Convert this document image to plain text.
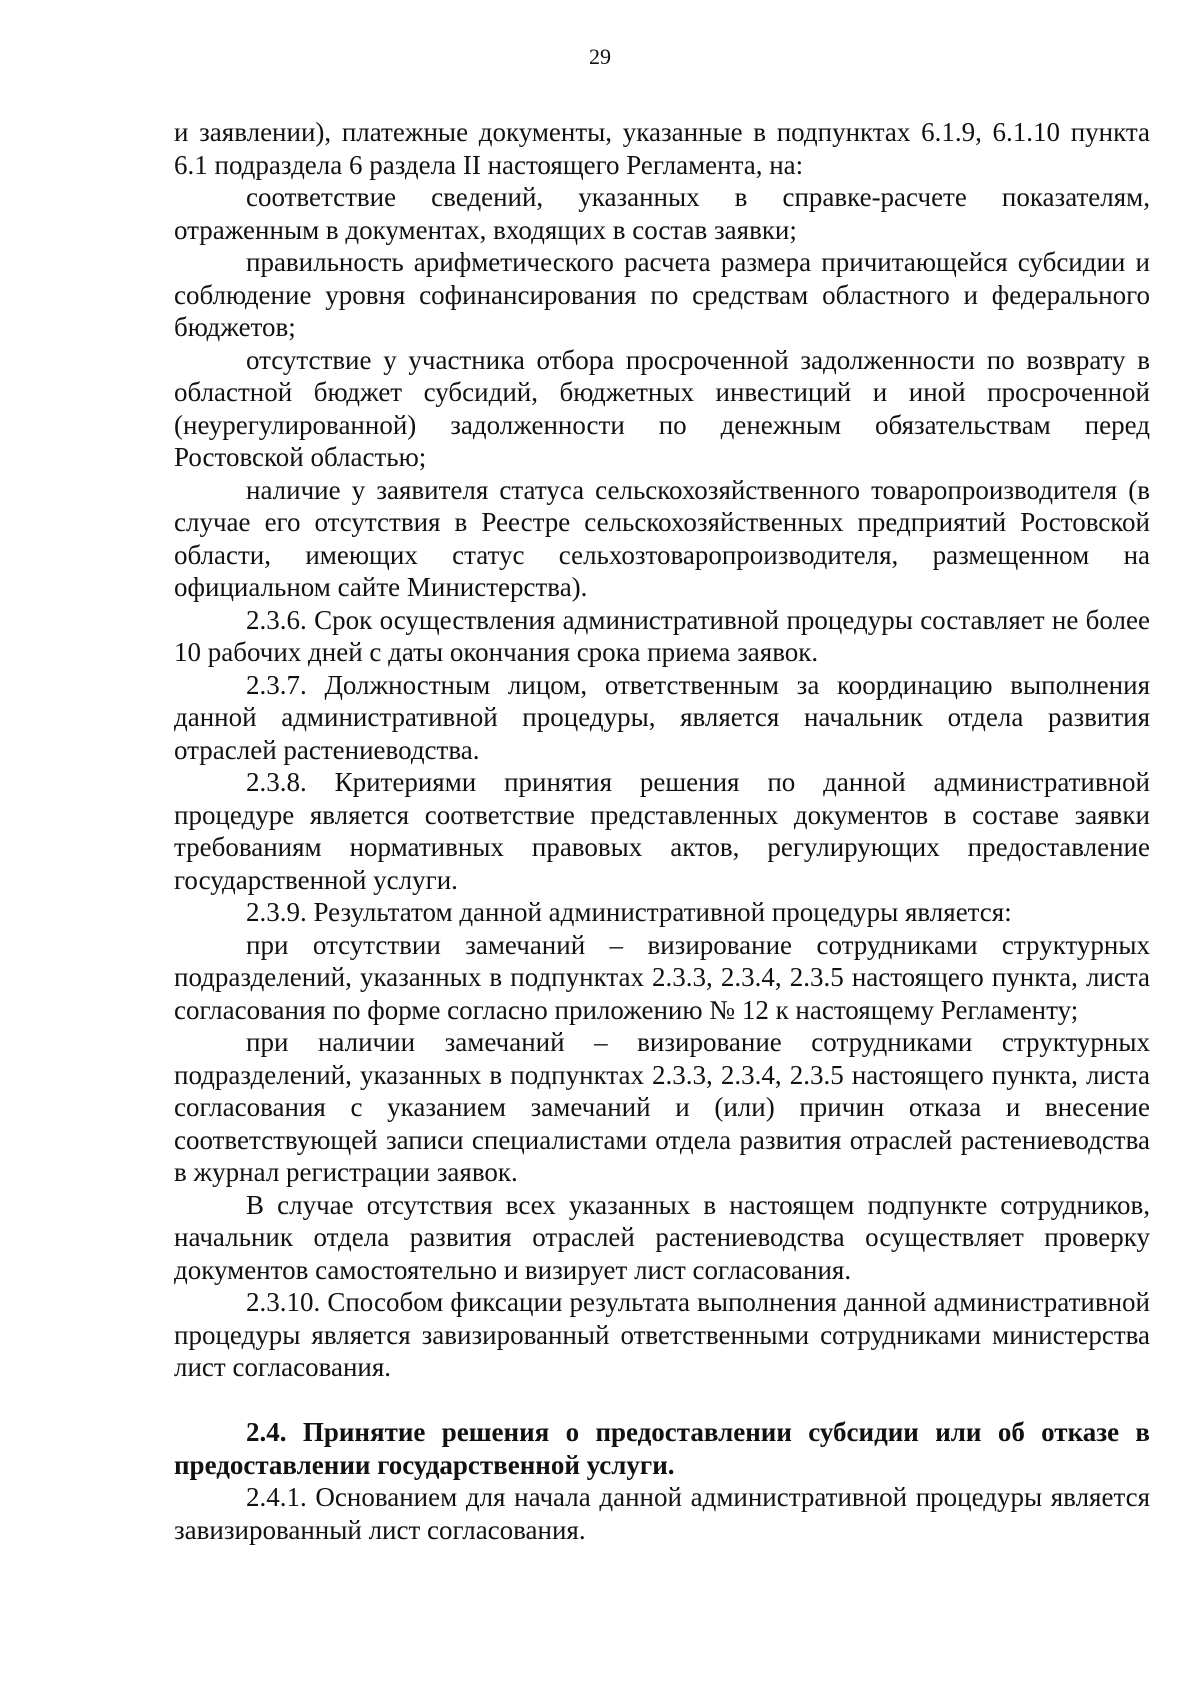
29

и заявлении), платежные документы, указанные в подпунктах 6.1.9, 6.1.10 пункта 6.1 подраздела 6 раздела II настоящего Регламента, на:

соответствие сведений, указанных в справке-расчете показателям, отраженным в документах, входящих в состав заявки;

правильность арифметического расчета размера причитающейся субсидии и соблюдение уровня софинансирования по средствам областного и федерального бюджетов;

отсутствие у участника отбора просроченной задолженности по возврату в областной бюджет субсидий, бюджетных инвестиций и иной просроченной (неурегулированной) задолженности по денежным обязательствам перед Ростовской областью;

наличие у заявителя статуса сельскохозяйственного товаропроизводителя (в случае его отсутствия в Реестре сельскохозяйственных предприятий Ростовской области, имеющих статус сельхозтоваропроизводителя, размещенном на официальном сайте Министерства).

2.3.6. Срок осуществления административной процедуры составляет не более 10 рабочих дней с даты окончания срока приема заявок.

2.3.7. Должностным лицом, ответственным за координацию выполнения данной административной процедуры, является начальник отдела развития отраслей растениеводства.

2.3.8. Критериями принятия решения по данной административной процедуре является соответствие представленных документов в составе заявки требованиям нормативных правовых актов, регулирующих предоставление государственной услуги.

2.3.9. Результатом данной административной процедуры является:

при отсутствии замечаний – визирование сотрудниками структурных подразделений, указанных в подпунктах 2.3.3, 2.3.4, 2.3.5 настоящего пункта, листа согласования по форме согласно приложению № 12 к настоящему Регламенту;

при наличии замечаний – визирование сотрудниками структурных подразделений, указанных в подпунктах 2.3.3, 2.3.4, 2.3.5 настоящего пункта, листа согласования с указанием замечаний и (или) причин отказа и внесение соответствующей записи специалистами отдела развития отраслей растениеводства в журнал регистрации заявок.

В случае отсутствия всех указанных в настоящем подпункте сотрудников, начальник отдела развития отраслей растениеводства осуществляет проверку документов самостоятельно и визирует лист согласования.

2.3.10. Способом фиксации результата выполнения данной административной процедуры является завизированный ответственными сотрудниками министерства лист согласования.

2.4. Принятие решения о предоставлении субсидии или об отказе в предоставлении государственной услуги.

2.4.1. Основанием для начала данной административной процедуры является завизированный лист согласования.
